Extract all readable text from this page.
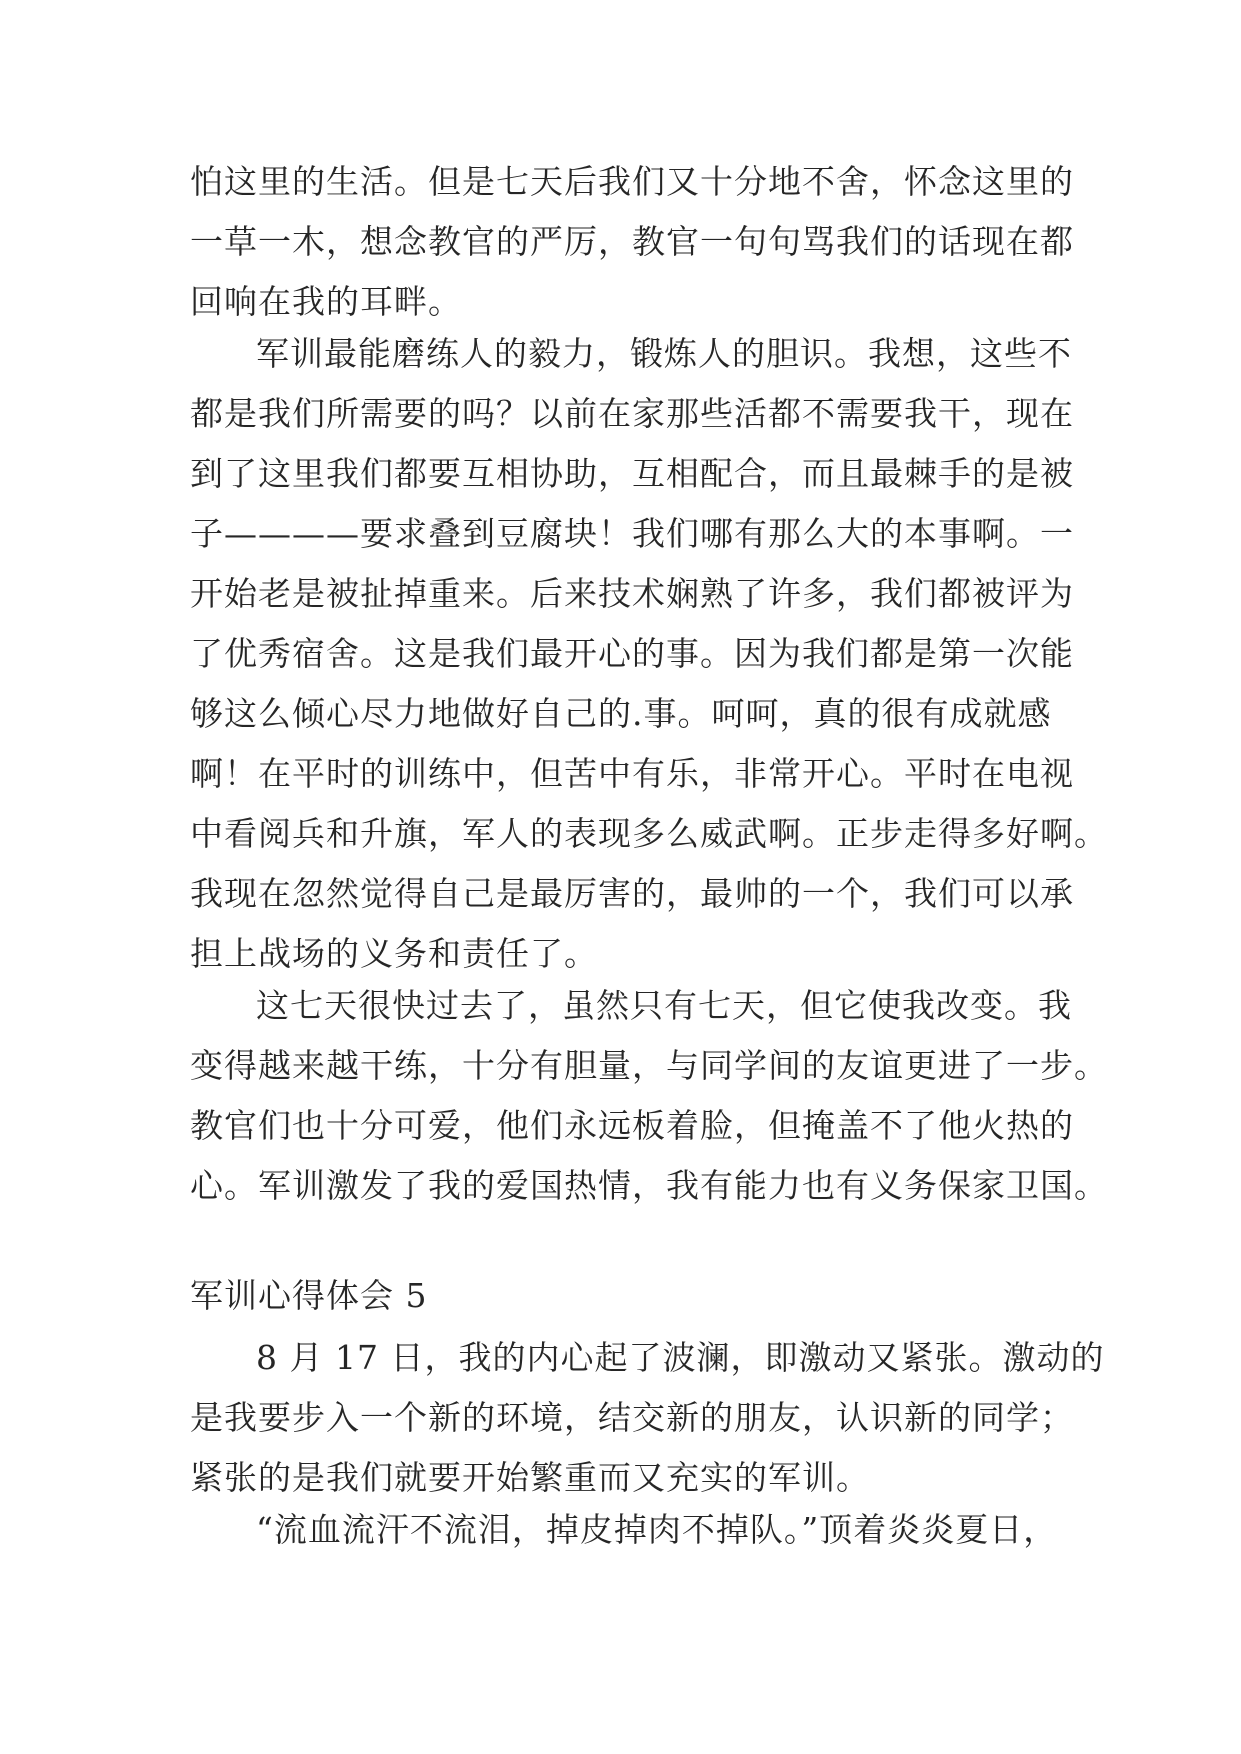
怕这里的生活。但是七天后我们又十分地不舍，怀念这里的
一草一木，想念教官的严厉，教官一句句骂我们的话现在都
回响在我的耳畔。
军训最能磨练人的毅力，锻炼人的胆识。我想，这些不
都是我们所需要的吗？以前在家那些活都不需要我干，现在
到了这里我们都要互相协助，互相配合，而且最棘手的是被
子————要求叠到豆腐块！我们哪有那么大的本事啊。一
开始老是被扯掉重来。后来技术娴熟了许多，我们都被评为
了优秀宿舍。这是我们最开心的事。因为我们都是第一次能
够这么倾心尽力地做好自己的.事。呵呵，真的很有成就感
啊！在平时的训练中，但苦中有乐，非常开心。平时在电视
中看阅兵和升旗，军人的表现多么威武啊。正步走得多好啊。
我现在忽然觉得自己是最厉害的，最帅的一个，我们可以承
担上战场的义务和责任了。
这七天很快过去了，虽然只有七天，但它使我改变。我
变得越来越干练，十分有胆量，与同学间的友谊更进了一步。
教官们也十分可爱，他们永远板着脸，但掩盖不了他火热的
心。军训激发了我的爱国热情，我有能力也有义务保家卫国。
军训心得体会 5
8 月 17 日，我的内心起了波澜，即激动又紧张。激动的
是我要步入一个新的环境，结交新的朋友，认识新的同学；
紧张的是我们就要开始繁重而又充实的军训。
“流血流汗不流泪，掉皮掉肉不掉队。”顶着炎炎夏日，
